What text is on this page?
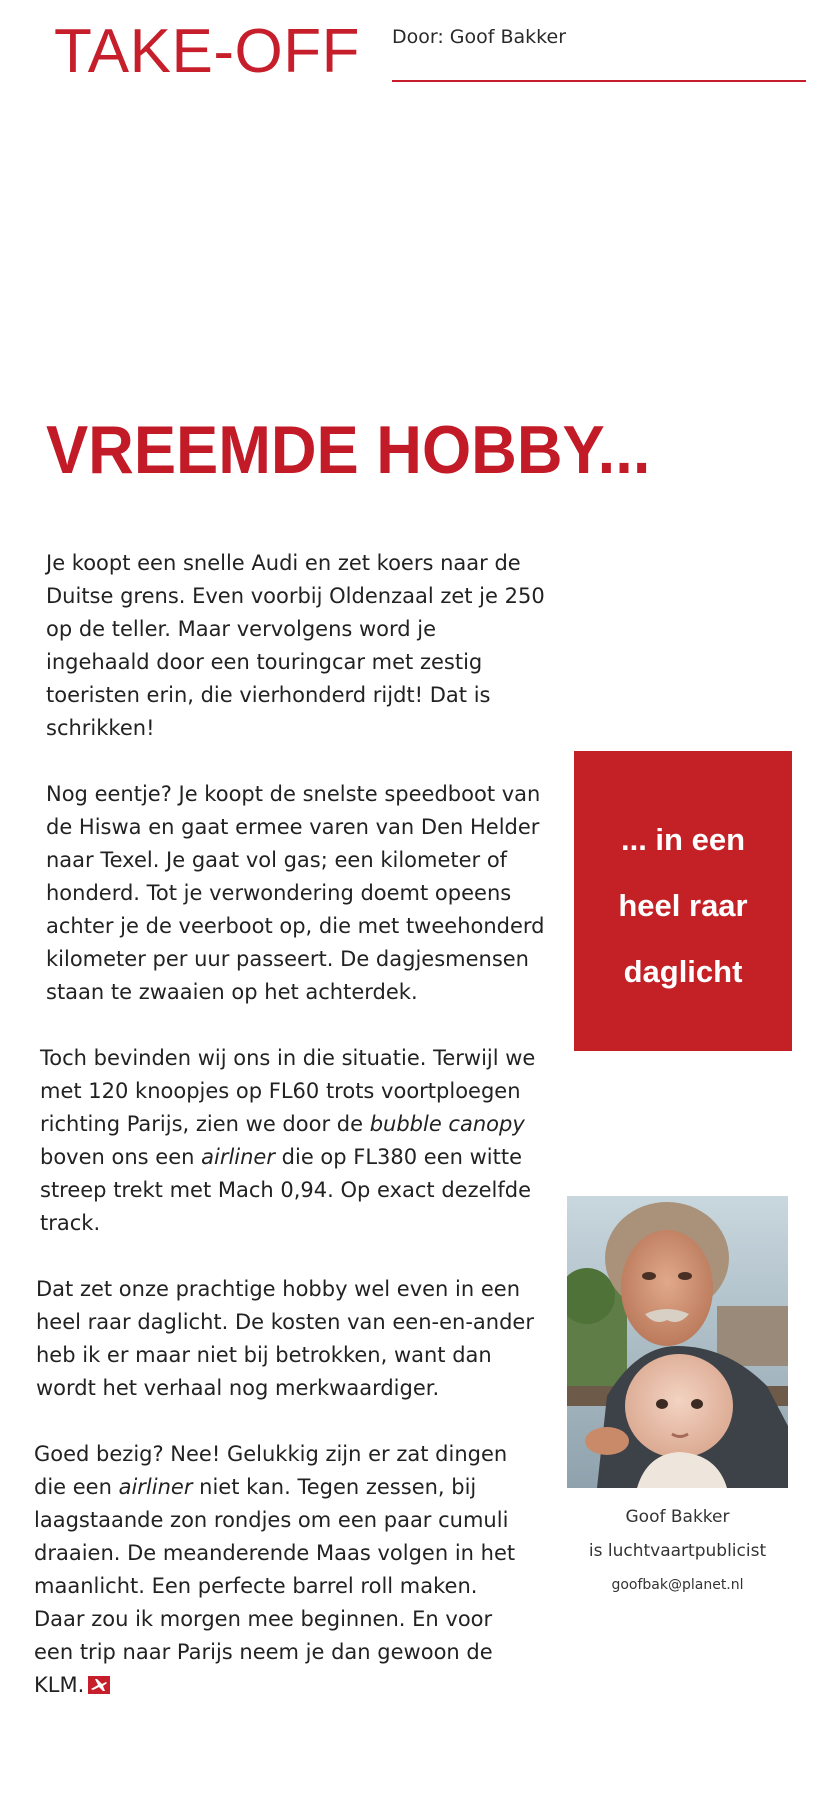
TAKE-OFF Door: Goof Bakker
VREEMDE HOBBY...

Je koopt een snelle Audi en zet koers naar de Duitse grens. Even voorbij Oldenzaal zet je 250 op de teller. Maar vervolgens word je ingehaald door een touringcar met zestig toeristen erin, die vierhonderd rijdt! Dat is schrikken!

Nog eentje? Je koopt de snelste speedboot van de Hiswa en gaat ermee varen van Den Helder naar Texel. Je gaat vol gas; een kilometer of honderd. Tot je verwondering doemt opeens achter je de veerboot op, die met tweehonderd kilometer per uur passeert. De dagjesmensen staan te zwaaien op het achterdek.

Toch bevinden wij ons in die situatie. Terwijl we met 120 knoopjes op FL60 trots voortploegen richting Parijs, zien we door de bubble canopy boven ons een airliner die op FL380 een witte streep trekt met Mach 0,94. Op exact dezelfde track.

Dat zet onze prachtige hobby wel even in een heel raar daglicht. De kosten van een-en-ander heb ik er maar niet bij betrokken, want dan wordt het verhaal nog merkwaardiger.

Goed bezig? Nee! Gelukkig zijn er zat dingen die een airliner niet kan. Tegen zessen, bij laagstaande zon rondjes om een paar cumuli draaien. De meanderende Maas volgen in het maanlicht. Een perfecte barrel roll maken. Daar zou ik morgen mee beginnen. En voor een trip naar Parijs neem je dan gewoon de KLM.

... in een
heel raar
daglicht
Goof Bakker
is luchtvaartpublicist
goofbak@planet.nl
